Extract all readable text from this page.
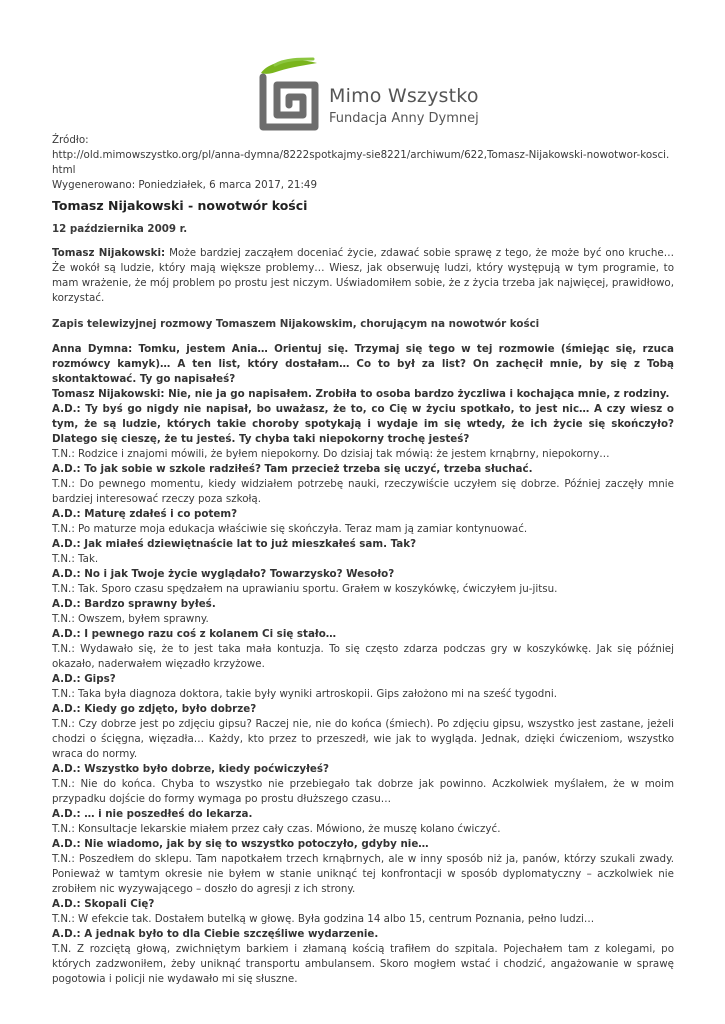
Mimo Wszystko
Fundacja Anny Dymnej
Źródło:
http://old.mimowszystko.org/pl/anna-dymna/8222spotkajmy-sie8221/archiwum/622,Tomasz-Nijakowski-nowotwor-kosci.html
Wygenerowano: Poniedziałek, 6 marca 2017, 21:49
Tomasz Nijakowski - nowotwór kości
12 października 2009 r.

Tomasz Nijakowski: Może bardziej zacząłem doceniać życie, zdawać sobie sprawę z tego, że może być ono kruche… Że wokół są ludzie, który mają większe problemy… Wiesz, jak obserwuję ludzi, który występują w tym programie, to mam wrażenie, że mój problem po prostu jest niczym. Uświadomiłem sobie, że z życia trzeba jak najwięcej, prawidłowo, korzystać.

Zapis telewizyjnej rozmowy Tomaszem Nijakowskim, chorującym na nowotwór kości

Anna Dymna: Tomku, jestem Ania… Orientuj się. Trzymaj się tego w tej rozmowie (śmiejąc się, rzuca rozmówcy kamyk)… A ten list, który dostałam… Co to był za list? On zachęcił mnie, by się z Tobą skontaktować. Ty go napisałeś?

Tomasz Nijakowski: Nie, nie ja go napisałem. Zrobiła to osoba bardzo życzliwa i kochająca mnie, z rodziny.

A.D.: Ty byś go nigdy nie napisał, bo uważasz, że to, co Cię w życiu spotkało, to jest nic… A czy wiesz o tym, że są ludzie, których takie choroby spotykają i wydaje im się wtedy, że ich życie się skończyło? Dlatego się cieszę, że tu jesteś. Ty chyba taki niepokorny trochę jesteś?

T.N.: Rodzice i znajomi mówili, że byłem niepokorny. Do dzisiaj tak mówią: że jestem krnąbrny, niepokorny…

A.D.: To jak sobie w szkole radziłeś? Tam przecież trzeba się uczyć, trzeba słuchać.

T.N.: Do pewnego momentu, kiedy widziałem potrzebę nauki, rzeczywiście uczyłem się dobrze. Później zaczęły mnie bardziej interesować rzeczy poza szkołą.

A.D.: Maturę zdałeś i co potem?

T.N.: Po maturze moja edukacja właściwie się skończyła. Teraz mam ją zamiar kontynuować.

A.D.: Jak miałeś dziewiętnaście lat to już mieszkałeś sam. Tak?

T.N.: Tak.

A.D.: No i jak Twoje życie wyglądało? Towarzysko? Wesoło?

T.N.: Tak. Sporo czasu spędzałem na uprawianiu sportu. Grałem w koszykówkę, ćwiczyłem ju-jitsu.

A.D.: Bardzo sprawny byłeś.

T.N.: Owszem, byłem sprawny.

A.D.: I pewnego razu coś z kolanem Ci się stało…

T.N.: Wydawało się, że to jest taka mała kontuzja. To się często zdarza podczas gry w koszykówkę. Jak się później okazało, naderwałem więzadło krzyżowe.

A.D.: Gips?

T.N.: Taka była diagnoza doktora, takie były wyniki artroskopii. Gips założono mi na sześć tygodni.

A.D.: Kiedy go zdjęto, było dobrze?

T.N.: Czy dobrze jest po zdjęciu gipsu? Raczej nie, nie do końca (śmiech). Po zdjęciu gipsu, wszystko jest zastane, jeżeli chodzi o ścięgna, więzadła… Każdy, kto przez to przeszedł, wie jak to wygląda. Jednak, dzięki ćwiczeniom, wszystko wraca do normy.

A.D.: Wszystko było dobrze, kiedy poćwiczyłeś?

T.N.: Nie do końca. Chyba to wszystko nie przebiegało tak dobrze jak powinno. Aczkolwiek myślałem, że w moim przypadku dojście do formy wymaga po prostu dłuższego czasu…

A.D.: … i nie poszedłeś do lekarza.

T.N.: Konsultacje lekarskie miałem przez cały czas. Mówiono, że muszę kolano ćwiczyć.

A.D.: Nie wiadomo, jak by się to wszystko potoczyło, gdyby nie…

T.N.: Poszedłem do sklepu. Tam napotkałem trzech krnąbrnych, ale w inny sposób niż ja, panów, którzy szukali zwady. Ponieważ w tamtym okresie nie byłem w stanie uniknąć tej konfrontacji w sposób dyplomatyczny – aczkolwiek nie zrobiłem nic wyzywającego – doszło do agresji z ich strony.

A.D.: Skopali Cię?

T.N.: W efekcie tak. Dostałem butelką w głowę. Była godzina 14 albo 15, centrum Poznania, pełno ludzi…

A.D.: A jednak było to dla Ciebie szczęśliwe wydarzenie.

T.N. Z rozciętą głową, zwichniętym barkiem i złamaną kością trafiłem do szpitala. Pojechałem tam z kolegami, po których zadzwoniłem, żeby uniknąć transportu ambulansem. Skoro mogłem wstać i chodzić, angażowanie w sprawę pogotowia i policji nie wydawało mi się słuszne.
